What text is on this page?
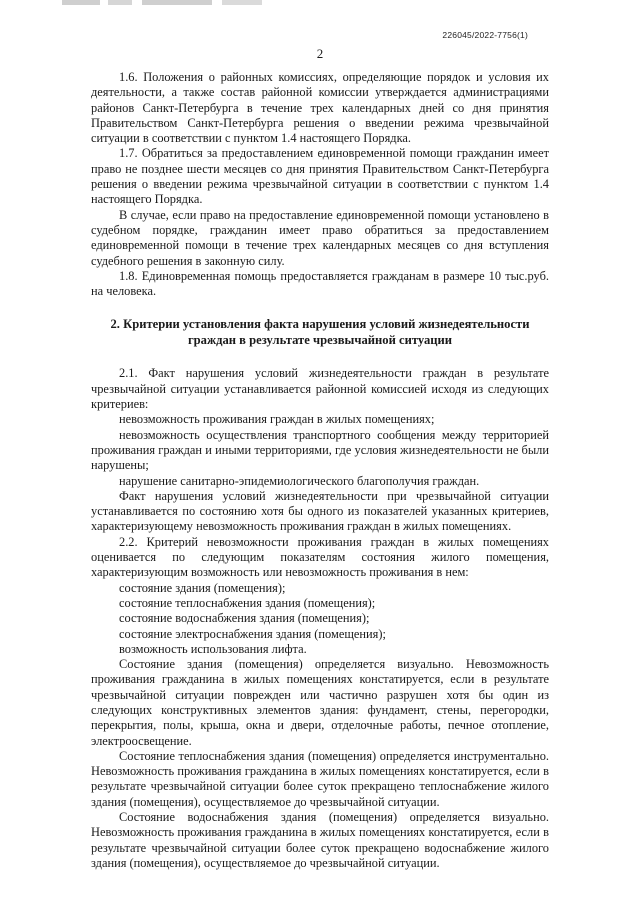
226045/2022-7756(1)
2

1.6. Положения о районных комиссиях, определяющие порядок и условия их деятельности, а также состав районной комиссии утверждается администрациями районов Санкт-Петербурга в течение трех календарных дней со дня принятия Правительством Санкт-Петербурга решения о введении режима чрезвычайной ситуации в соответствии с пунктом 1.4 настоящего Порядка.

1.7. Обратиться за предоставлением единовременной помощи гражданин имеет право не позднее шести месяцев со дня принятия Правительством Санкт-Петербурга решения о введении режима чрезвычайной ситуации в соответствии с пунктом 1.4 настоящего Порядка.

В случае, если право на предоставление единовременной помощи установлено в судебном порядке, гражданин имеет право обратиться за предоставлением единовременной помощи в течение трех календарных месяцев со дня вступления судебного решения в законную силу.

1.8. Единовременная помощь предоставляется гражданам в размере 10 тыс.руб. на человека.

2. Критерии установления факта нарушения условий жизнедеятельности граждан в результате чрезвычайной ситуации

2.1. Факт нарушения условий жизнедеятельности граждан в результате чрезвычайной ситуации устанавливается районной комиссией исходя из следующих критериев:

невозможность проживания граждан в жилых помещениях;

невозможность осуществления транспортного сообщения между территорией проживания граждан и иными территориями, где условия жизнедеятельности не были нарушены;

нарушение санитарно-эпидемиологического благополучия граждан.

Факт нарушения условий жизнедеятельности при чрезвычайной ситуации устанавливается по состоянию хотя бы одного из показателей указанных критериев, характеризующему невозможность проживания граждан в жилых помещениях.

2.2. Критерий невозможности проживания граждан в жилых помещениях оценивается по следующим показателям состояния жилого помещения, характеризующим возможность или невозможность проживания в нем:

состояние здания (помещения);

состояние теплоснабжения здания (помещения);

состояние водоснабжения здания (помещения);

состояние электроснабжения здания (помещения);

возможность использования лифта.

Состояние здания (помещения) определяется визуально. Невозможность проживания гражданина в жилых помещениях констатируется, если в результате чрезвычайной ситуации поврежден или частично разрушен хотя бы один из следующих конструктивных элементов здания: фундамент, стены, перегородки, перекрытия, полы, крыша, окна и двери, отделочные работы, печное отопление, электроосвещение.

Состояние теплоснабжения здания (помещения) определяется инструментально. Невозможность проживания гражданина в жилых помещениях констатируется, если в результате чрезвычайной ситуации более суток прекращено теплоснабжение жилого здания (помещения), осуществляемое до чрезвычайной ситуации.

Состояние водоснабжения здания (помещения) определяется визуально. Невозможность проживания гражданина в жилых помещениях констатируется, если в результате чрезвычайной ситуации более суток прекращено водоснабжение жилого здания (помещения), осуществляемое до чрезвычайной ситуации.
